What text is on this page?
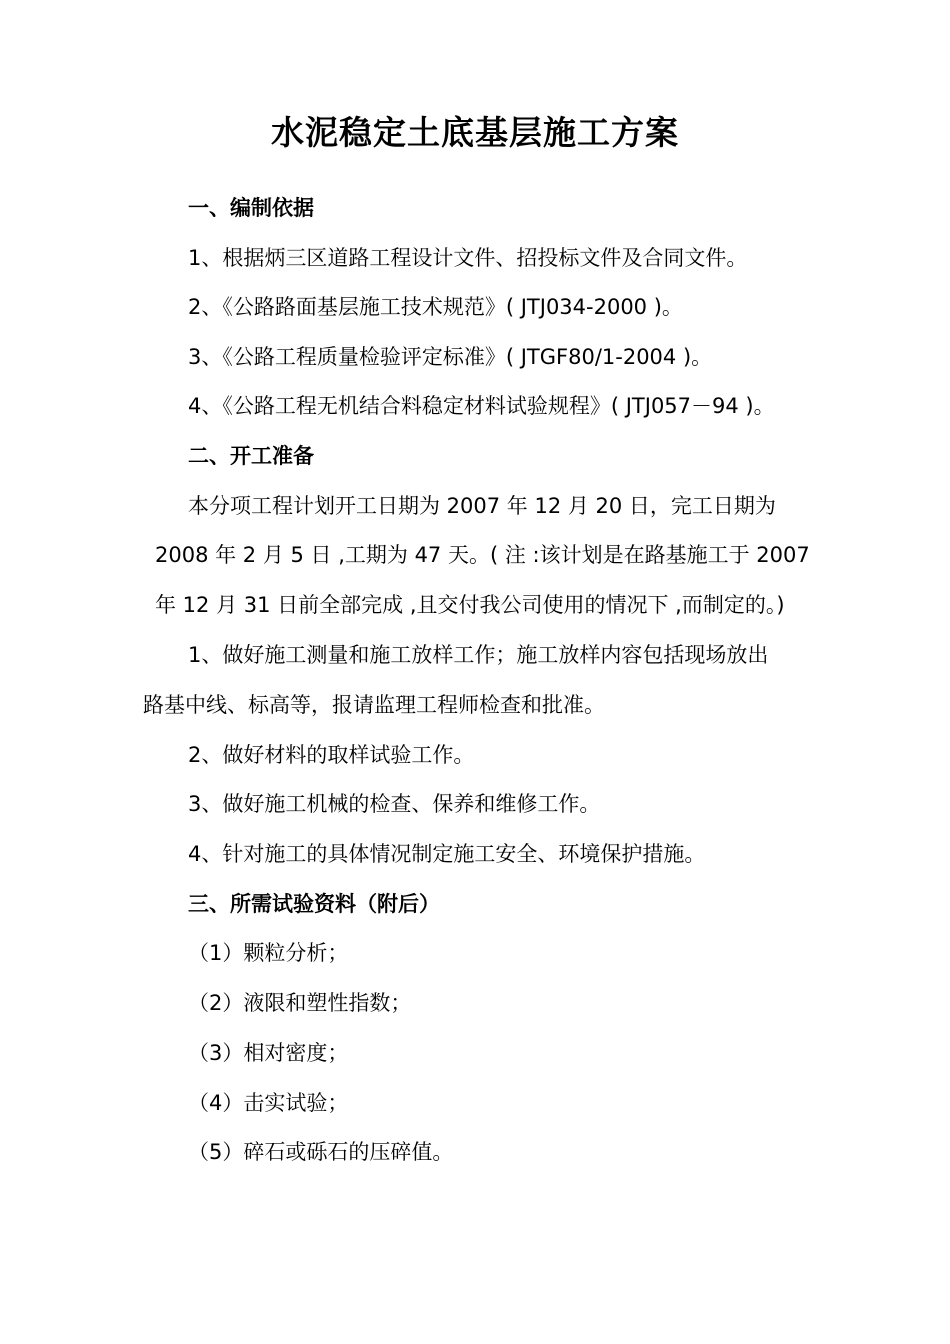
水泥稳定土底基层施工方案
一、编制依据
1、根据炳三区道路工程设计文件、招投标文件及合同文件。
2、《公路路面基层施工技术规范》( JTJ034-2000 )。
3、《公路工程质量检验评定标准》( JTGF80/1-2004 )。
4、《公路工程无机结合料稳定材料试验规程》( JTJ057－94 )。
二、开工准备
本分项工程计划开工日期为 2007 年 12 月 20 日，完工日期为
2008 年 2 月 5 日 ,工期为 47 天。( 注 :该计划是在路基施工于 2007
年 12 月 31 日前全部完成 ,且交付我公司使用的情况下 ,而制定的。)
1、做好施工测量和施工放样工作；施工放样内容包括现场放出
路基中线、标高等，报请监理工程师检查和批准。
2、做好材料的取样试验工作。
3、做好施工机械的检查、保养和维修工作。
4、针对施工的具体情况制定施工安全、环境保护措施。
三、所需试验资料（附后）
（1）颗粒分析；
（2）液限和塑性指数；
（3）相对密度；
（4）击实试验；
（5）碎石或砾石的压碎值。
